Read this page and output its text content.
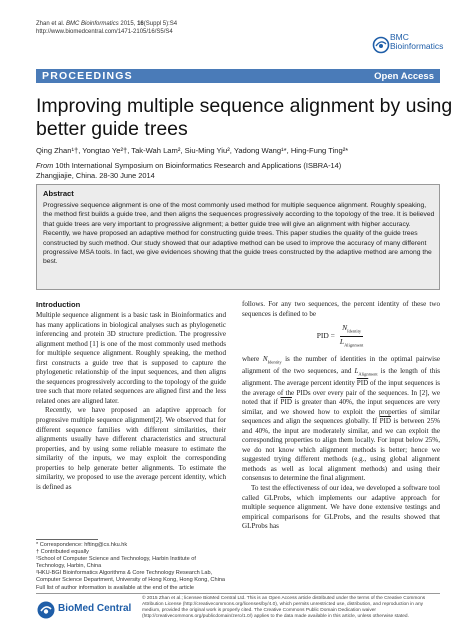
Zhan et al. BMC Bioinformatics 2015, 16(Suppl 5):S4
http://www.biomedcentral.com/1471-2105/16/S5/S4	BMC
Bioinformatics
PROCEEDINGS	Open Access
Improving multiple sequence alignment by using better guide trees
Qing Zhan¹†, Yongtao Ye²†, Tak-Wah Lam², Siu-Ming Yiu², Yadong Wang¹*, Hing-Fung Ting²*
From 10th International Symposium on Bioinformatics Research and Applications (ISBRA-14)
Zhangjiajie, China. 28-30 June 2014
Abstract
Progressive sequence alignment is one of the most commonly used method for multiple sequence alignment. Roughly speaking, the method first builds a guide tree, and then aligns the sequences progressively according to the topology of the tree. It is believed that guide trees are very important to progressive alignment; a better guide tree will give an alignment with higher accuracy. Recently, we have proposed an adaptive method for constructing guide trees. This paper studies the quality of the guide trees constructed by such method. Our study showed that our adaptive method can be used to improve the accuracy of many different progressive MSA tools. In fact, we give evidences showing that the guide trees constructed by the adaptive method are among the best.
Introduction

Multiple sequence alignment is a basic task in Bioinformatics and has many applications in biological analyses such as phylogenetic inferencing and protein 3D structure prediction. The progressive alignment method [1] is one of the most commonly used methods for multiple sequence alignment. Roughly speaking, the method first constructs a guide tree that is supposed to capture the phylogenetic relationship of the input sequences, and then aligns the sequences progressively according to the topology of the guide tree such that more related sequences are aligned first and the less related ones are aligned later.

Recently, we have proposed an adaptive approach for progressive multiple sequence alignment[2]. We observed that for different sequence families with different similarities, their alignments usually have different characteristics and structural properties, and by using some reliable measure to estimate the similarity of the inputs, we may exploit the corresponding properties to help generate better alignments. To estimate the similarity, we proposed to use the average percent identity, which is defined as

* Correspondence: hfting@cs.hku.hk
† Contributed equally
¹School of Computer Science and Technology, Harbin Institute of Technology, Harbin, China
²HKU-BGI Bioinformatics Algorithms & Core Technology Research Lab, Computer Science Department, University of Hong Kong, Hong Kong, China
Full list of author information is available at the end of the article

follows. For any two sequences, the percent identity of these two sequences is defined to be

PID = $\frac{N_{Identity}}{L_{Alignment}}$

where $N_{Identity}$ is the number of identities in the optimal pairwise alignment of the two sequences, and $L_{Alignment}$ is the length of this alignment. The average percent identity $\overline{PID}$ of the input sequences is the average of the PIDs over every pair of the sequences. In [2], we noted that if $\overline{PID}$ is greater than 40%, the input sequences are very similar, and we showed how to exploit the properties of similar sequences and align the sequences globally. If $\overline{PID}$ is between 25% and 40%, the input are moderately similar, and we can exploit the corresponding properties to align them locally. For input below 25%, we do not know which alignment methods is better; hence we suggested trying different methods (e.g., using global alignment methods as well as local alignment methods) and using their consensus to determine the final alignment.

To test the effectiveness of our idea, we developed a software tool called GLProbs, which implements our adaptive approach for multiple sequence alignment. We have done extensive testings and empirical comparisons for GLProbs, and the results showed that GLProbs has

BioMed Central
© 2015 Zhan et al.; licensee BioMed Central Ltd. This is an Open Access article distributed under the terms of the Creative Commons Attribution License (http://creativecommons.org/licenses/by/4.0), which permits unrestricted use, distribution, and reproduction in any medium, provided the original work is properly cited. The Creative Commons Public Domain Dedication waiver (http://creativecommons.org/publicdomain/zero/1.0/) applies to the data made available in this article, unless otherwise stated.
